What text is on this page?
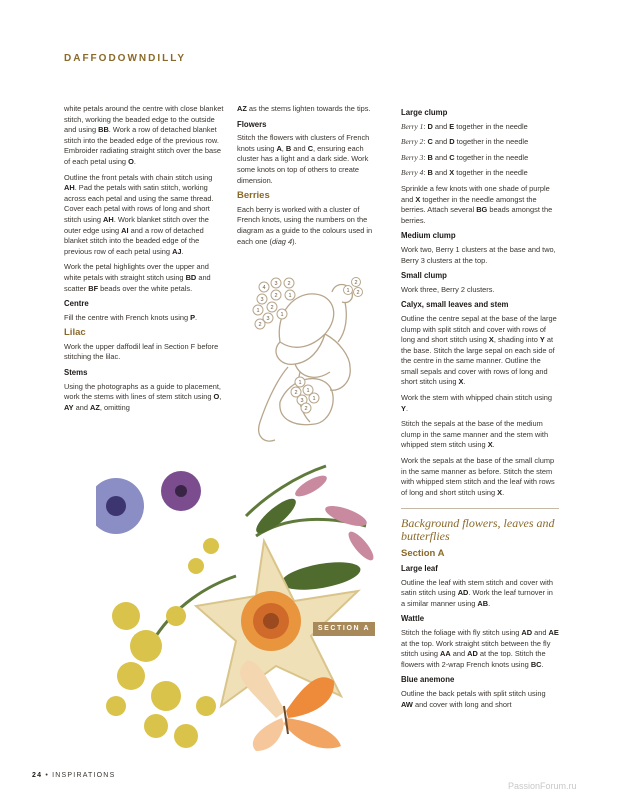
DAFFODOWNDILLY

white petals around the centre with close blanket stitch, working the beaded edge to the outside and using BB. Work a row of detached blanket stitch into the beaded edge of the previous row. Embroider radiating straight stitch over the base of each petal using O.

Outline the front petals with chain stitch using AH. Pad the petals with satin stitch, working across each petal and using the same thread. Cover each petal with rows of long and short stitch using AH. Work blanket stitch over the outer edge using AI and a row of detached blanket stitch into the beaded edge of the previous row of each petal using AJ.

Work the petal highlights over the upper and white petals with straight stitch using BD and scatter BF beads over the white petals.

Centre

Fill the centre with French knots using P.

Lilac

Work the upper daffodil leaf in Section F before stitching the lilac.

Stems

Using the photographs as a guide to placement, work the stems with lines of stem stitch using O, AY and AZ, omitting

AZ as the stems lighten towards the tips.

Flowers

Stitch the flowers with clusters of French knots using A, B and C, ensuring each cluster has a light and a dark side. Work some knots on top of others to create dimension.

Berries

Each berry is worked with a cluster of French knots, using the numbers on the diagram as a guide to the colours used in each one (diag 4).

4
3 2
3
2 1
2
1
3
1
2
2
1 2
1
2 1
3 1
2
Large clump

Berry 1: D and E together in the needle

Berry 2: C and D together in the needle

Berry 3: B and C together in the needle

Berry 4: B and X together in the needle

Sprinkle a few knots with one shade of purple and X together in the needle amongst the berries. Attach several BG beads amongst the berries.

Medium clump

Work two, Berry 1 clusters at the base and two, Berry 3 clusters at the top.

Small clump

Work three, Berry 2 clusters.

Calyx, small leaves and stem

Outline the centre sepal at the base of the large clump with split stitch and cover with rows of long and short stitch using X, shading into Y at the base. Stitch the large sepal on each side of the centre in the same manner. Outline the small sepals and cover with rows of long and short stitch using X.

Work the stem with whipped chain stitch using Y.

Stitch the sepals at the base of the medium clump in the same manner and the stem with whipped stem stitch using X.

Work the sepals at the base of the small clump in the same manner as before. Stitch the stem with whipped stem stitch and the leaf with rows of long and short stitch using X.

Background flowers, leaves and butterflies
Section A
Large leaf

Outline the leaf with stem stitch and cover with satin stitch using AD. Work the leaf turnover in a similar manner using AB.

Wattle

Stitch the foliage with fly stitch using AD and AE at the top. Work straight stitch between the fly stitch using AA and AD at the top. Stitch the flowers with 2-wrap French knots using BC.

Blue anemone

Outline the back petals with split stitch using AW and cover with long and short

SECTION A
24 • INSPIRATIONS
PassionForum.ru
